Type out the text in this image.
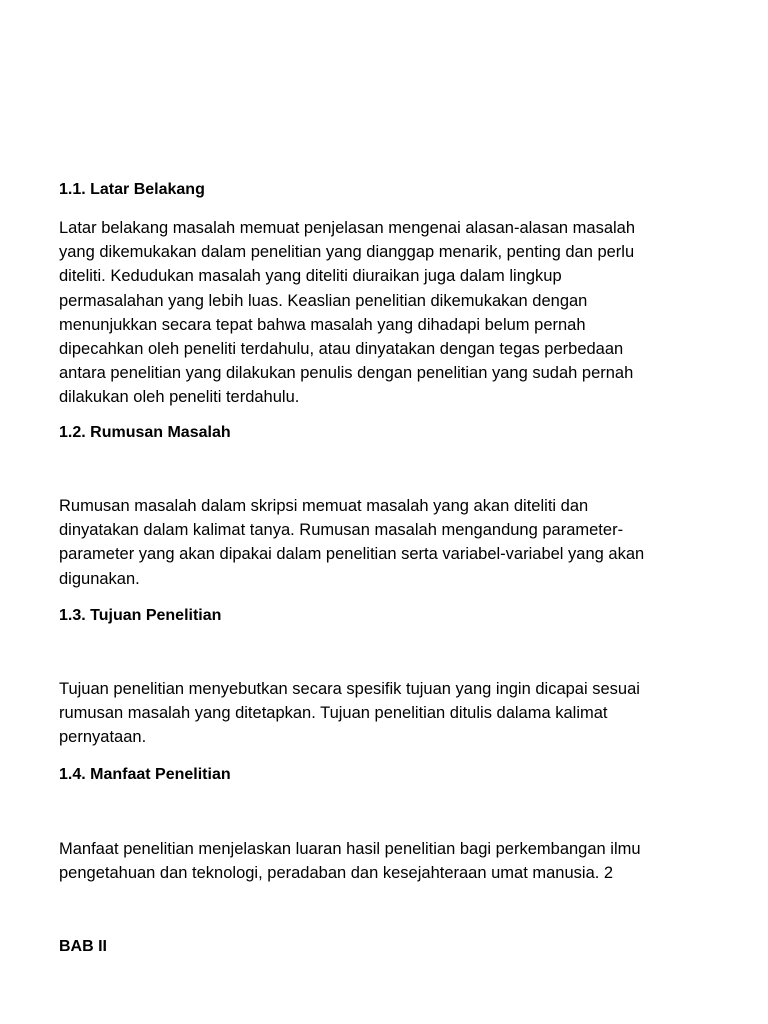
1.1. Latar Belakang

Latar belakang masalah memuat penjelasan mengenai alasan-alasan masalah
yang dikemukakan dalam penelitian yang dianggap menarik, penting dan perlu
diteliti. Kedudukan masalah yang diteliti diuraikan juga dalam lingkup
permasalahan yang lebih luas. Keaslian penelitian dikemukakan dengan
menunjukkan secara tepat bahwa masalah yang dihadapi belum pernah
dipecahkan oleh peneliti terdahulu, atau dinyatakan dengan tegas perbedaan
antara penelitian yang dilakukan penulis dengan penelitian yang sudah pernah
dilakukan oleh peneliti terdahulu.

1.2. Rumusan Masalah

Rumusan masalah dalam skripsi memuat masalah yang akan diteliti dan
dinyatakan dalam kalimat tanya. Rumusan masalah mengandung parameter-
parameter yang akan dipakai dalam penelitian serta variabel-variabel yang akan
digunakan.

1.3. Tujuan Penelitian

Tujuan penelitian menyebutkan secara spesifik tujuan yang ingin dicapai sesuai
rumusan masalah yang ditetapkan. Tujuan penelitian ditulis dalama kalimat
pernyataan.

1.4. Manfaat Penelitian

Manfaat penelitian menjelaskan luaran hasil penelitian bagi perkembangan ilmu
pengetahuan dan teknologi, peradaban dan kesejahteraan umat manusia. 2

BAB II
